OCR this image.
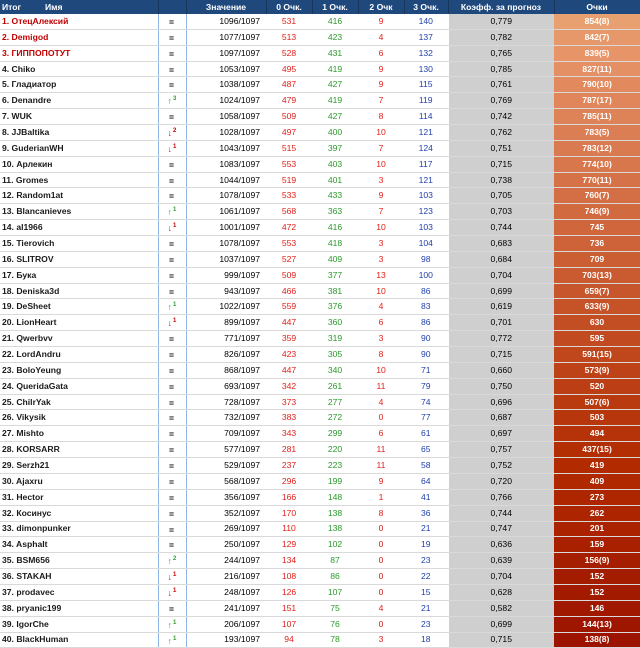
Итог Имя		Значение	0 Очк.	1 Очк.	2 Очк	3 Очк.	Коэфф. за прогноз	Очки
1. ОтецАлексий	=	1096/1097	531	416	9	140	0,779	854(8)
2. Demigod	=	1077/1097	513	423	4	137	0,782	842(7)
3. ГИППОПОТУТ	=	1097/1097	528	431	6	132	0,765	839(5)
4. Chiko	=	1053/1097	495	419	9	130	0,785	827(11)
5. Гладиатор	=	1038/1097	487	427	9	115	0,761	790(10)
6. Denandre	↑$^3$	1024/1097	479	419	7	119	0,769	787(17)
7. WUK	=	1058/1097	509	427	8	114	0,742	785(11)
8. JJBaltika	↓$^2$	1028/1097	497	400	10	121	0,762	783(5)
9. GuderianWH	↓$^1$	1043/1097	515	397	7	124	0,751	783(12)
10. Арлекин	=	1083/1097	553	403	10	117	0,715	774(10)
11. Gromes	=	1044/1097	519	401	3	121	0,738	770(11)
12. Random1at	=	1078/1097	533	433	9	103	0,705	760(7)
13. Blancanieves	↑$^1$	1061/1097	568	363	7	123	0,703	746(9)
14. al1966	↓$^1$	1001/1097	472	416	10	103	0,744	745
15. Tierovich	=	1078/1097	553	418	3	104	0,683	736
16. SLITROV	=	1037/1097	527	409	3	98	0,684	709
17. Бука	=	999/1097	509	377	13	100	0,704	703(13)
18. Deniska3d	=	943/1097	466	381	10	86	0,699	659(7)
19. DeSheet	↑$^1$	1022/1097	559	376	4	83	0,619	633(9)
20. LionHeart	↓$^1$	899/1097	447	360	6	86	0,701	630
21. Qwerbvv	=	771/1097	359	319	3	90	0,772	595
22. LordAndru	=	826/1097	423	305	8	90	0,715	591(15)
23. BoloYeung	=	868/1097	447	340	10	71	0,660	573(9)
24. QueridaGata	=	693/1097	342	261	11	79	0,750	520
25. ChilrYak	=	728/1097	373	277	4	74	0,696	507(6)
26. Vikysik	=	732/1097	383	272	0	77	0,687	503
27. Mishto	=	709/1097	343	299	6	61	0,697	494
28. KORSARR	=	577/1097	281	220	11	65	0,757	437(15)
29. Serzh21	=	529/1097	237	223	11	58	0,752	419
30. Ajaxru	=	568/1097	296	199	9	64	0,720	409
31. Hector	=	356/1097	166	148	1	41	0,766	273
32. Косинус	=	352/1097	170	138	8	36	0,744	262
33. dimonpunker	=	269/1097	110	138	0	21	0,747	201
34. Asphalt	=	250/1097	129	102	0	19	0,636	159
35. BSM656	↑$^2$	244/1097	134	87	0	23	0,639	156(9)
36. STAKAH	↓$^1$	216/1097	108	86	0	22	0,704	152
37. prodavec	↓$^1$	248/1097	126	107	0	15	0,628	152
38. pryanic199	=	241/1097	151	75	4	21	0,582	146
39. IgorChe	↑$^1$	206/1097	107	76	0	23	0,699	144(13)
40. BlackHuman	↑$^1$	193/1097	94	78	3	18	0,715	138(8)
